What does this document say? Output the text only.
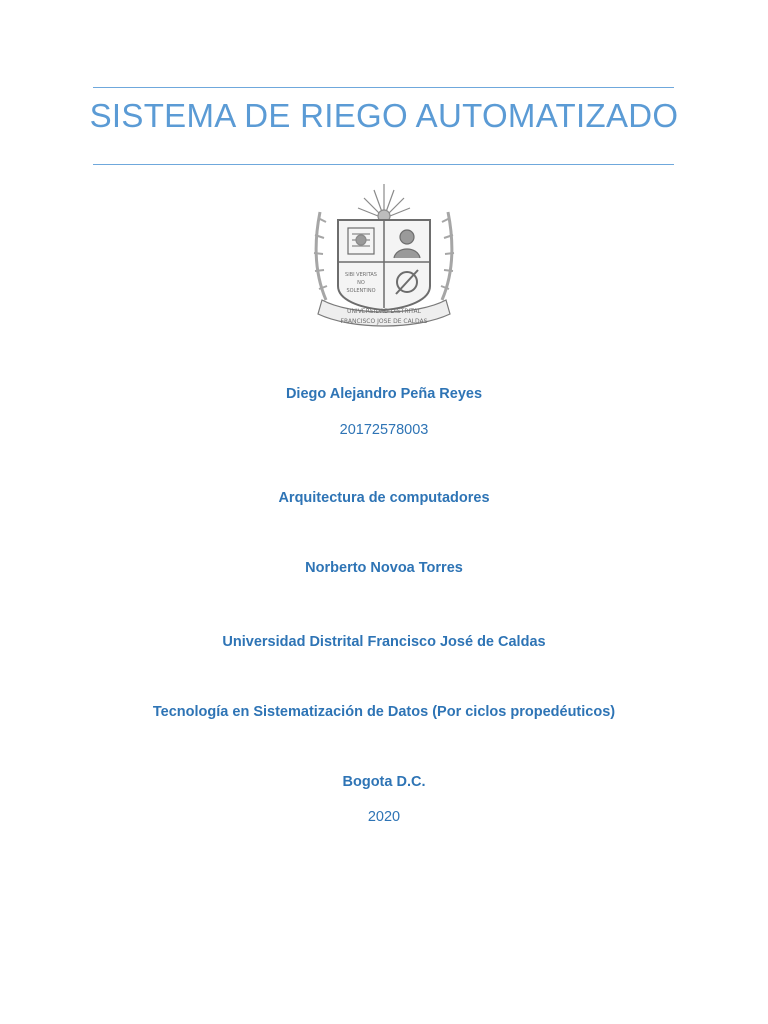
SISTEMA DE RIEGO AUTOMATIZADO
SIBI VERITAS
NO
SOLENTINO
UNIVERSIDAD DISTRITAL
FRANCISCO JOSE DE CALDAS
Diego Alejandro Peña Reyes
20172578003
Arquitectura de computadores
Norberto Novoa Torres
Universidad Distrital Francisco José de Caldas
Tecnología en Sistematización de Datos (Por ciclos propedéuticos)
Bogota D.C.
2020
